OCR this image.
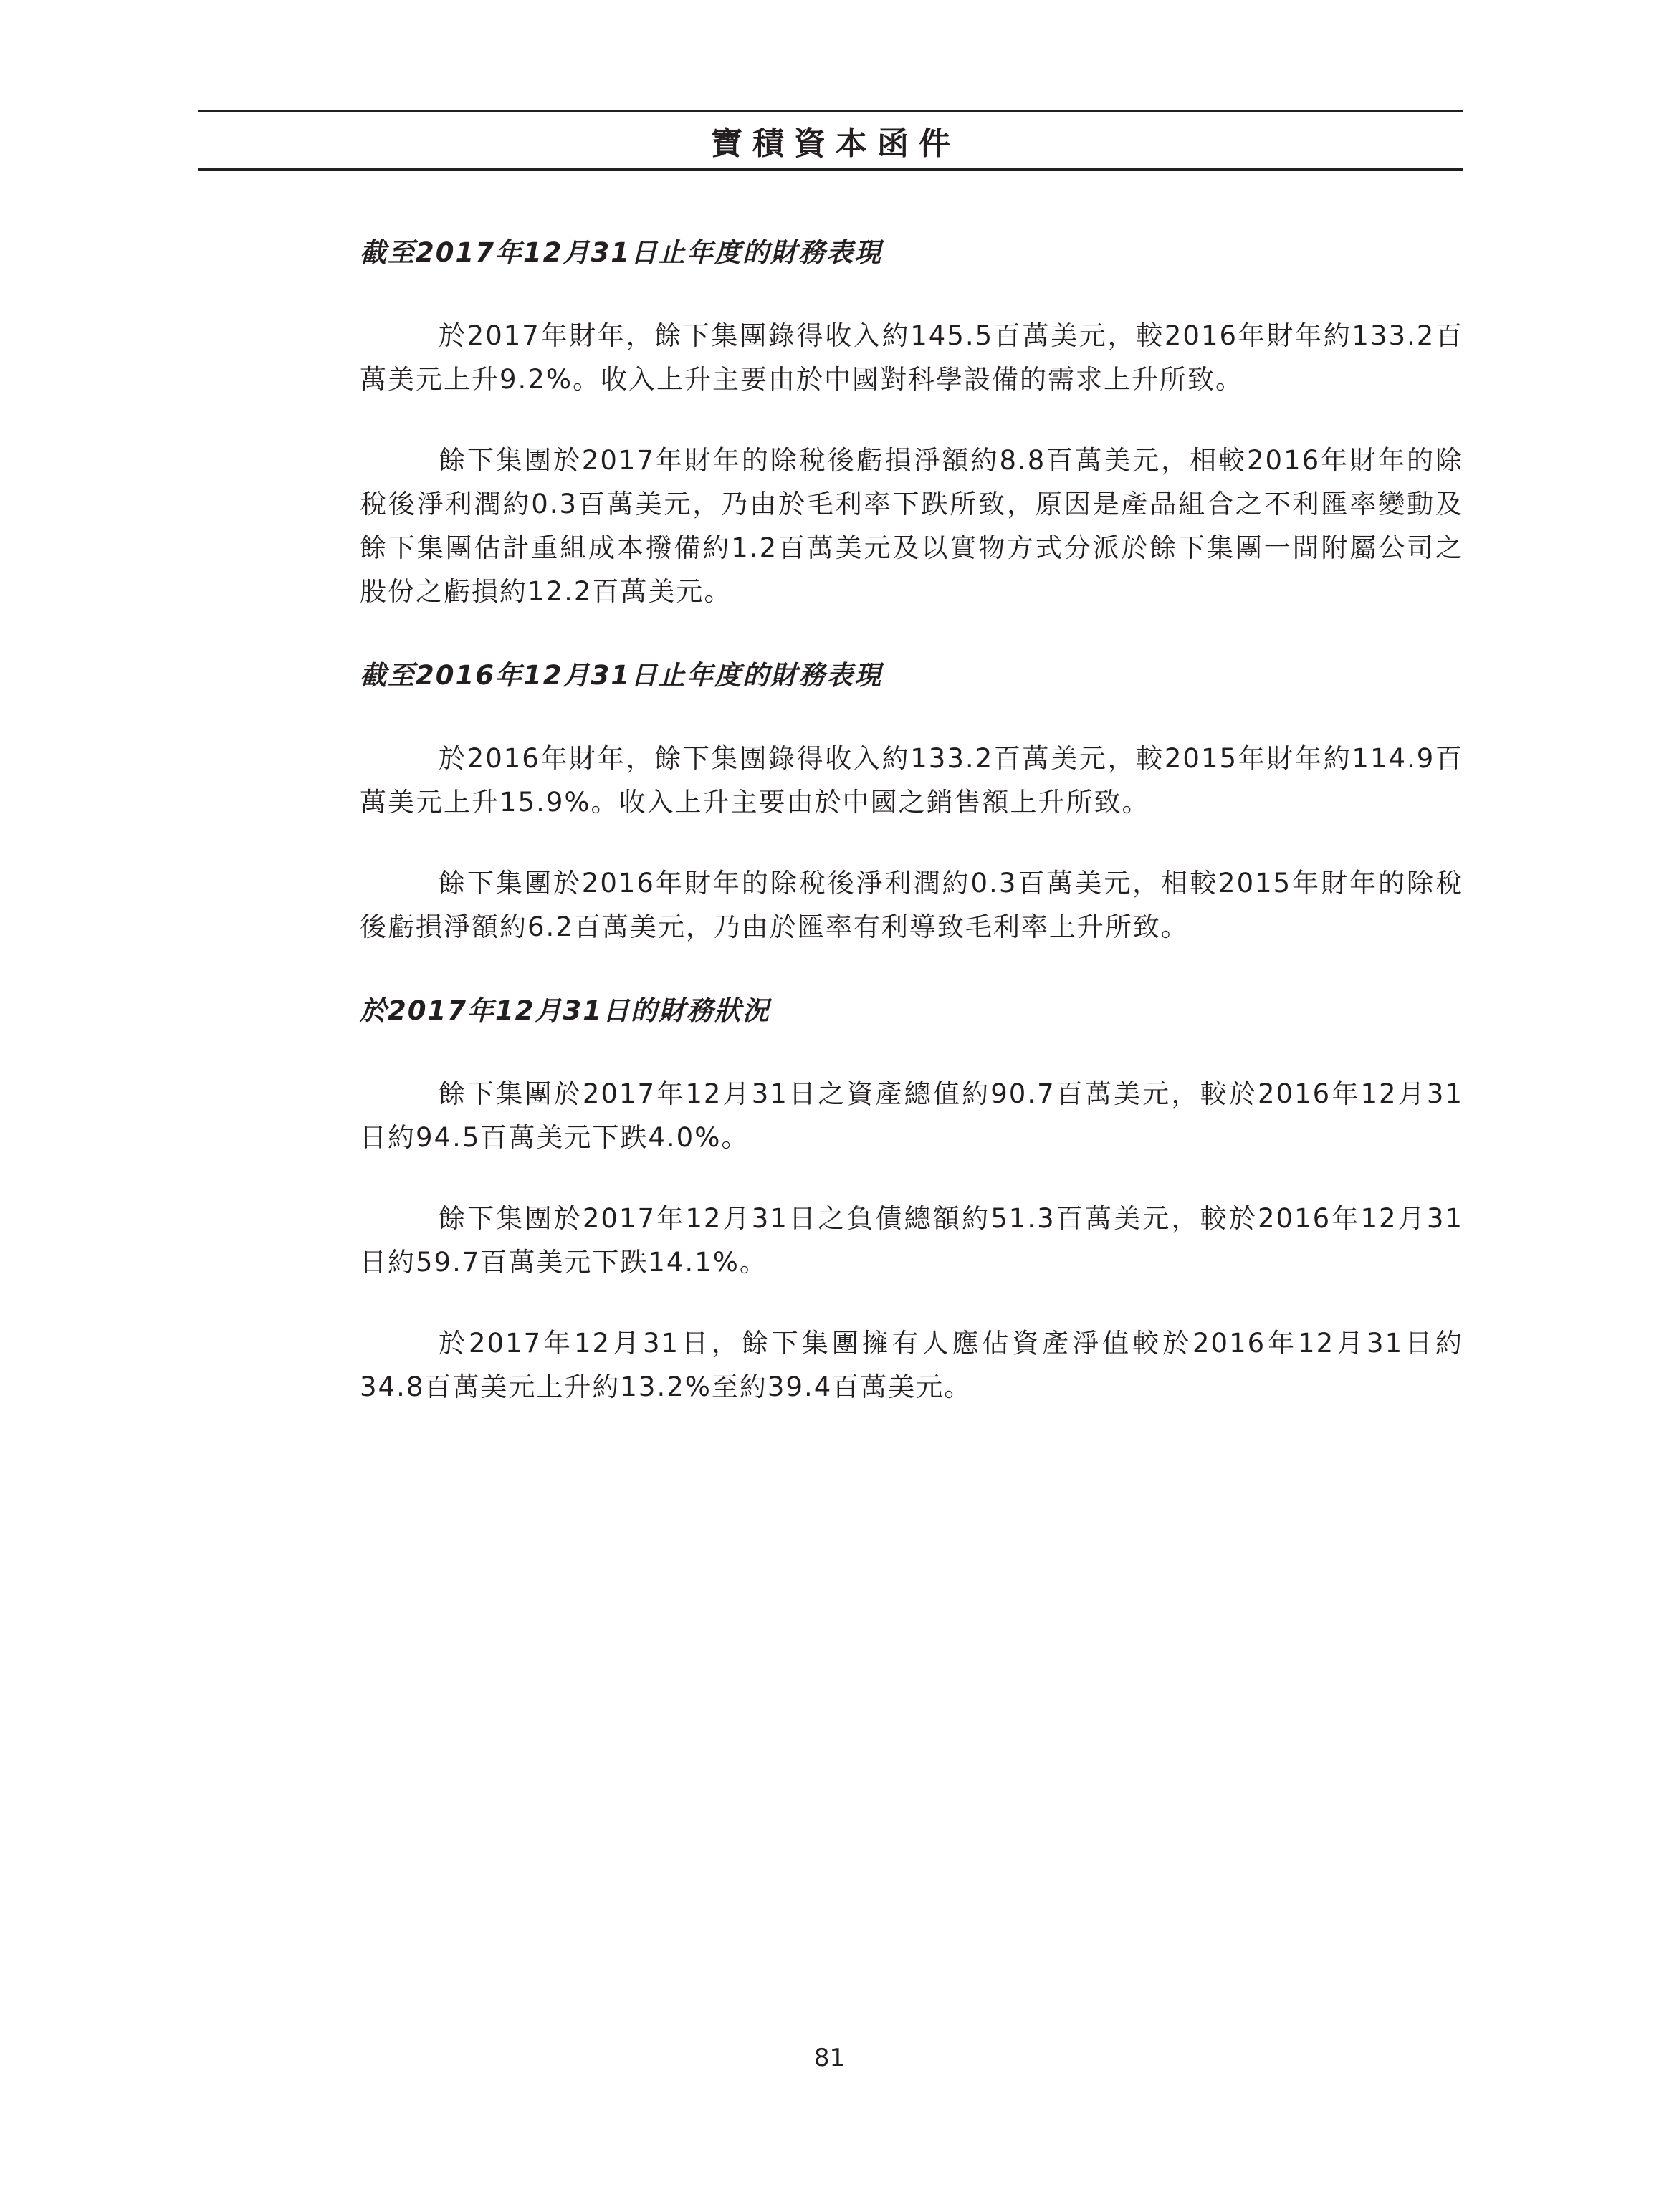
寶積資本函件

截至2017年12月31日止年度的財務表現

於2017年財年，餘下集團錄得收入約145.5百萬美元，較2016年財年約133.2百萬美元上升9.2%。收入上升主要由於中國對科學設備的需求上升所致。

餘下集團於2017年財年的除稅後虧損淨額約8.8百萬美元，相較2016年財年的除稅後淨利潤約0.3百萬美元，乃由於毛利率下跌所致，原因是產品組合之不利匯率變動及餘下集團估計重組成本撥備約1.2百萬美元及以實物方式分派於餘下集團一間附屬公司之股份之虧損約12.2百萬美元。

截至2016年12月31日止年度的財務表現

於2016年財年，餘下集團錄得收入約133.2百萬美元，較2015年財年約114.9百萬美元上升15.9%。收入上升主要由於中國之銷售額上升所致。

餘下集團於2016年財年的除稅後淨利潤約0.3百萬美元，相較2015年財年的除稅後虧損淨額約6.2百萬美元，乃由於匯率有利導致毛利率上升所致。

於2017年12月31日的財務狀況

餘下集團於2017年12月31日之資產總值約90.7百萬美元，較於2016年12月31日約94.5百萬美元下跌4.0%。

餘下集團於2017年12月31日之負債總額約51.3百萬美元，較於2016年12月31日約59.7百萬美元下跌14.1%。

於2017年12月31日，餘下集團擁有人應佔資產淨值較於2016年12月31日約34.8百萬美元上升約13.2%至約39.4百萬美元。

81
